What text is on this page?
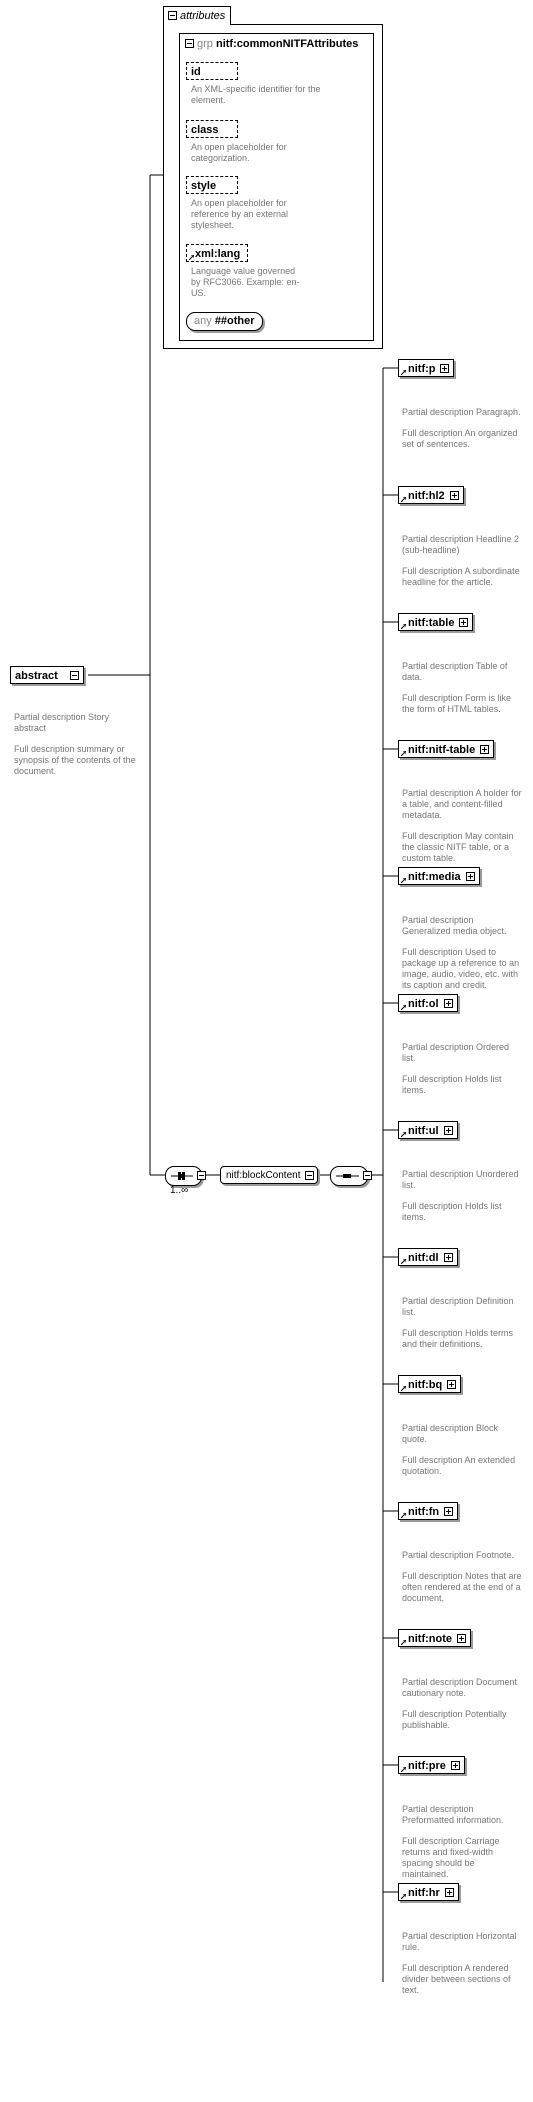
abstract

Partial description Story abstract

Full description summary or synopsis of the contents of the document.

attributes
grp nitf:commonNITFAttributes
id
An XML-specific identifier for the element.
class
An open placeholder for categorization.
style
An open placeholder for reference by an external stylesheet.
xml:lang
Language value governed by RFC3066. Example: en-US.
any ##other
1..∞
nitf:blockContent
nitf:p

Partial description Paragraph.

Full description An organized set of sentences.

nitf:hl2

Partial description Headline 2 (sub-headline)

Full description A subordinate headline for the article.

nitf:table

Partial description Table of data.

Full description Form is like the form of HTML tables.

nitf:nitf-table

Partial description A holder for a table, and content-filled metadata.

Full description May contain the classic NITF table, or a custom table.

nitf:media

Partial description Generalized media object.

Full description Used to package up a reference to an image, audio, video, etc. with its caption and credit.

nitf:ol

Partial description Ordered list.

Full description Holds list items.

nitf:ul

Partial description Unordered list.

Full description Holds list items.

nitf:dl

Partial description Definition list.

Full description Holds terms and their definitions.

nitf:bq

Partial description Block quote.

Full description An extended quotation.

nitf:fn

Partial description Footnote.

Full description Notes that are often rendered at the end of a document.

nitf:note

Partial description Document cautionary note.

Full description Potentially publishable.

nitf:pre

Partial description Preformatted information.

Full description Carriage returns and fixed-width spacing should be maintained.

nitf:hr

Partial description Horizontal rule.

Full description A rendered divider between sections of text.
